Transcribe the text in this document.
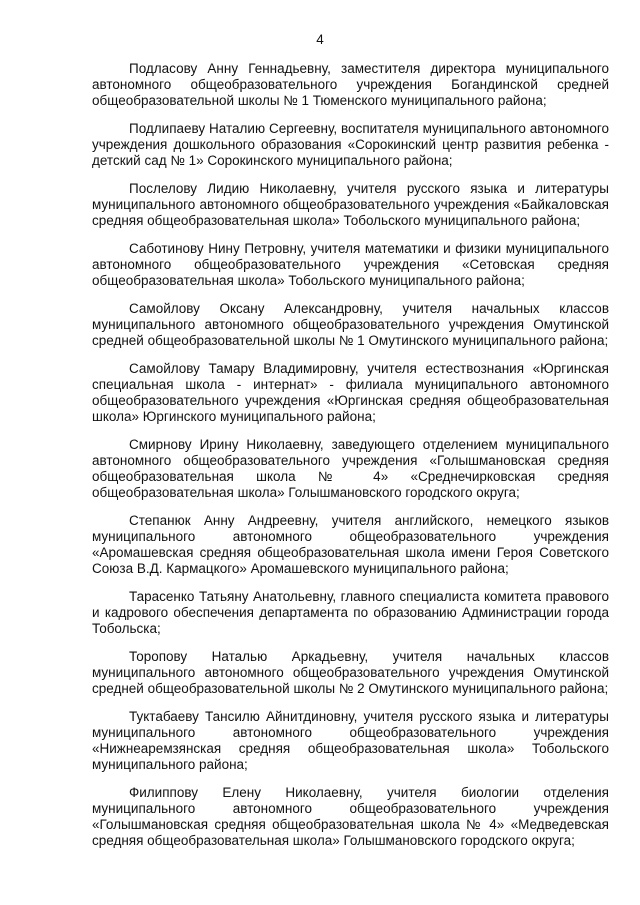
4

Подласову Анну Геннадьевну, заместителя директора муниципального автономного общеобразовательного учреждения Богандинской средней общеобразовательной школы № 1 Тюменского муниципального района;

Подлипаеву Наталию Сергеевну, воспитателя муниципального автономного учреждения дошкольного образования «Сорокинский центр развития ребенка - детский сад № 1» Сорокинского муниципального района;

Послелову Лидию Николаевну, учителя русского языка и литературы муниципального автономного общеобразовательного учреждения «Байкаловская средняя общеобразовательная школа» Тобольского муниципального района;

Саботинову Нину Петровну, учителя математики и физики муниципального автономного общеобразовательного учреждения «Сетовская средняя общеобразовательная школа» Тобольского муниципального района;

Самойлову Оксану Александровну, учителя начальных классов муниципального автономного общеобразовательного учреждения Омутинской средней общеобразовательной школы № 1 Омутинского муниципального района;

Самойлову Тамару Владимировну, учителя естествознания «Юргинская специальная школа - интернат» - филиала муниципального автономного общеобразовательного учреждения «Юргинская средняя общеобразовательная школа» Юргинского муниципального района;

Смирнову Ирину Николаевну, заведующего отделением муниципального автономного общеобразовательного учреждения «Голышмановская средняя общеобразовательная школа № 4» «Среднечирковская средняя общеобразовательная школа» Голышмановского городского округа;

Степанюк Анну Андреевну, учителя английского, немецкого языков муниципального автономного общеобразовательного учреждения «Аромашевская средняя общеобразовательная школа имени Героя Советского Союза В.Д. Кармацкого» Аромашевского муниципального района;

Тарасенко Татьяну Анатольевну, главного специалиста комитета правового и кадрового обеспечения департамента по образованию Администрации города Тобольска;

Торопову Наталью Аркадьевну, учителя начальных классов муниципального автономного общеобразовательного учреждения Омутинской средней общеобразовательной школы № 2 Омутинского муниципального района;

Туктабаеву Тансилю Айнитдиновну, учителя русского языка и литературы муниципального автономного общеобразовательного учреждения «Нижнеаремзянская средняя общеобразовательная школа» Тобольского муниципального района;

Филиппову Елену Николаевну, учителя биологии отделения муниципального автономного общеобразовательного учреждения «Голышмановская средняя общеобразовательная школа № 4» «Медведевская средняя общеобразовательная школа» Голышмановского городского округа;
